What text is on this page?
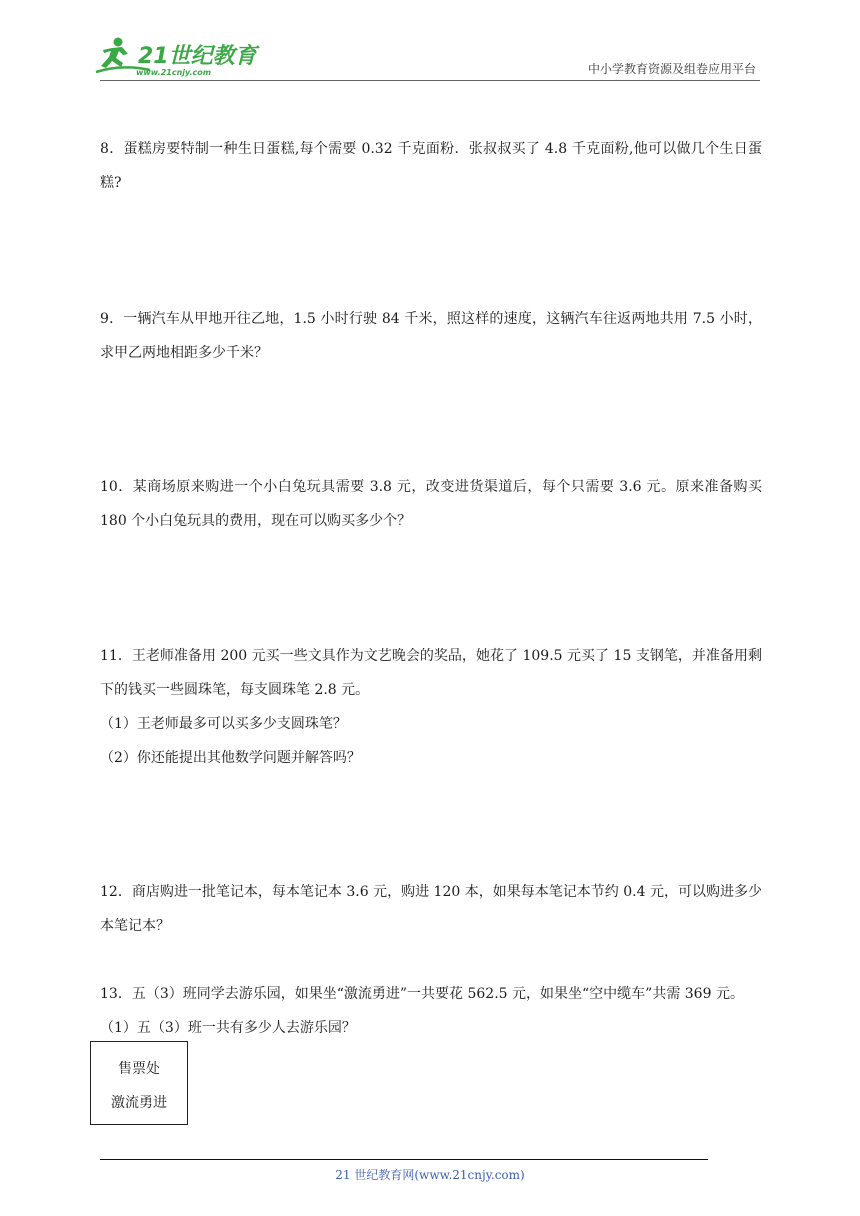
21世纪教育
www.21cnjy.com	中小学教育资源及组卷应用平台

8．蛋糕房要特制一种生日蛋糕,每个需要 0.32 千克面粉．张叔叔买了 4.8 千克面粉,他可以做几个生日蛋糕?

9．一辆汽车从甲地开往乙地，1.5 小时行驶 84 千米，照这样的速度，这辆汽车往返两地共用 7.5 小时，求甲乙两地相距多少千米？

10．某商场原来购进一个小白兔玩具需要 3.8 元，改变进货渠道后，每个只需要 3.6 元。原来准备购买 180 个小白兔玩具的费用，现在可以购买多少个？

11．王老师准备用 200 元买一些文具作为文艺晚会的奖品，她花了 109.5 元买了 15 支钢笔，并准备用剩下的钱买一些圆珠笔，每支圆珠笔 2.8 元。

（1）王老师最多可以买多少支圆珠笔？

（2）你还能提出其他数学问题并解答吗？

12．商店购进一批笔记本，每本笔记本 3.6 元，购进 120 本，如果每本笔记本节约 0.4 元，可以购进多少本笔记本？

13．五（3）班同学去游乐园，如果坐“激流勇进”一共要花 562.5 元，如果坐“空中缆车”共需 369 元。

（1）五（3）班一共有多少人去游乐园？

售票处
激流勇进
21 世纪教育网(www.21cnjy.com)
